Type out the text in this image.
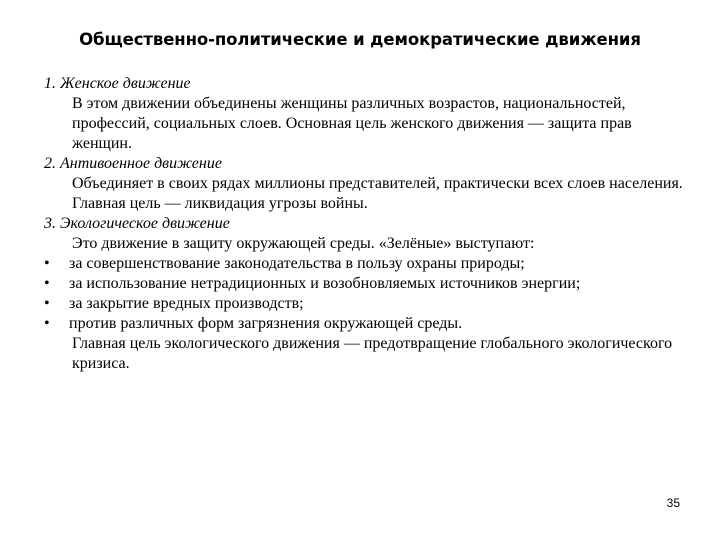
Общественно-политические и демократические движения
1. Женское движение
В этом движении объединены женщины различных возрастов, национальностей, профессий, социальных слоев. Основная цель женского движения — защита прав женщин.
2. Антивоенное движение
Объединяет в своих рядах миллионы представителей, практически всех слоев населения. Главная цель — ликвидация угрозы войны.
3. Экологическое движение
Это движение в защиту окружающей среды. «Зелёные» выступают:
•	за совершенствование законодательства в пользу охраны природы;
•	за использование нетрадиционных и возобновляемых источников энергии;
•	за закрытие вредных производств;
•	против различных форм загрязнения окружающей среды.
Главная цель экологического движения — предотвращение глобального экологического кризиса.
35
